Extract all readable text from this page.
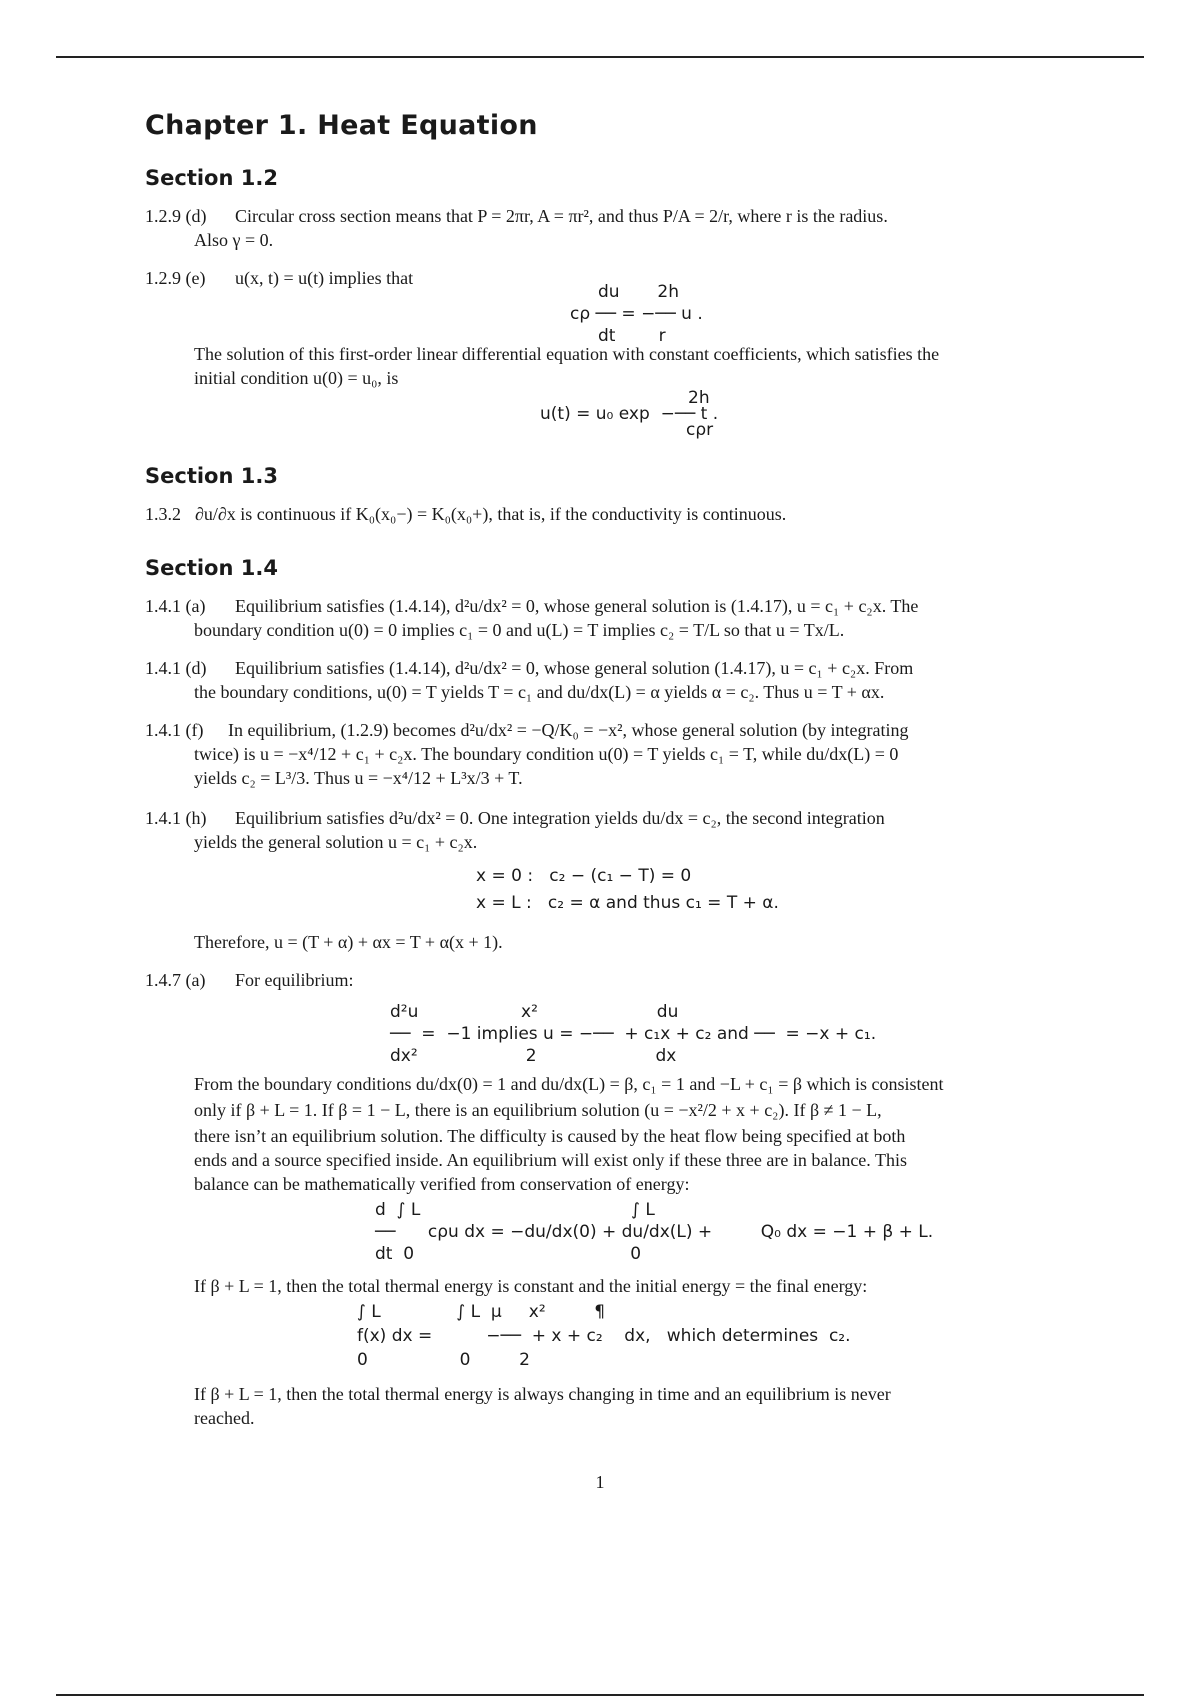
Chapter 1. Heat Equation
Section 1.2
1.2.9 (d) Circular cross section means that P = 2πr, A = πr², and thus P/A = 2/r, where r is the radius.
Also γ = 0.
1.2.9 (e) u(x, t) = u(t) implies that
du       2h
cρ ── = −── u .
dt        r
The solution of this first-order linear differential equation with constant coefficients, which satisfies the
initial condition u(0) = u₀, is
2h
u(t) = u₀ exp  −── t .
cρr
Section 1.3
1.3.2 ∂u/∂x is continuous if K₀(x₀−) = K₀(x₀+), that is, if the conductivity is continuous.
Section 1.4
1.4.1 (a) Equilibrium satisfies (1.4.14), d²u/dx² = 0, whose general solution is (1.4.17), u = c₁ + c₂x. The
boundary condition u(0) = 0 implies c₁ = 0 and u(L) = T implies c₂ = T/L so that u = Tx/L.
1.4.1 (d) Equilibrium satisfies (1.4.14), d²u/dx² = 0, whose general solution (1.4.17), u = c₁ + c₂x. From
the boundary conditions, u(0) = T yields T = c₁ and du/dx(L) = α yields α = c₂. Thus u = T + αx.
1.4.1 (f) In equilibrium, (1.2.9) becomes d²u/dx² = −Q/K₀ = −x², whose general solution (by integrating
twice) is u = −x⁴/12 + c₁ + c₂x. The boundary condition u(0) = T yields c₁ = T, while du/dx(L) = 0
yields c₂ = L³/3. Thus u = −x⁴/12 + L³x/3 + T.
1.4.1 (h) Equilibrium satisfies d²u/dx² = 0. One integration yields du/dx = c₂, the second integration
yields the general solution u = c₁ + c₂x.
x = 0 :   c₂ − (c₁ − T) = 0
x = L :   c₂ = α and thus c₁ = T + α.
Therefore, u = (T + α) + αx = T + α(x + 1).
1.4.7 (a) For equilibrium:
d²u                   x²                      du
──  =  −1 implies u = −──  + c₁x + c₂ and ──  = −x + c₁.
dx²                    2                      dx
From the boundary conditions du/dx(0) = 1 and du/dx(L) = β, c₁ = 1 and −L + c₁ = β which is consistent
only if β + L = 1. If β = 1 − L, there is an equilibrium solution (u = −x²/2 + x + c₂). If β ≠ 1 − L,
there isn’t an equilibrium solution. The difficulty is caused by the heat flow being specified at both
ends and a source specified inside. An equilibrium will exist only if these three are in balance. This
balance can be mathematically verified from conservation of energy:
d  ∫ L                                       ∫ L
──      cρu dx = −du/dx(0) + du/dx(L) +         Q₀ dx = −1 + β + L.
dt  0                                        0
If β + L = 1, then the total thermal energy is constant and the initial energy = the final energy:
∫ L              ∫ L  µ     x²         ¶
f(x) dx =          −──  + x + c₂    dx,   which determines  c₂.
0                 0         2
If β + L = 1, then the total thermal energy is always changing in time and an equilibrium is never
reached.
1
